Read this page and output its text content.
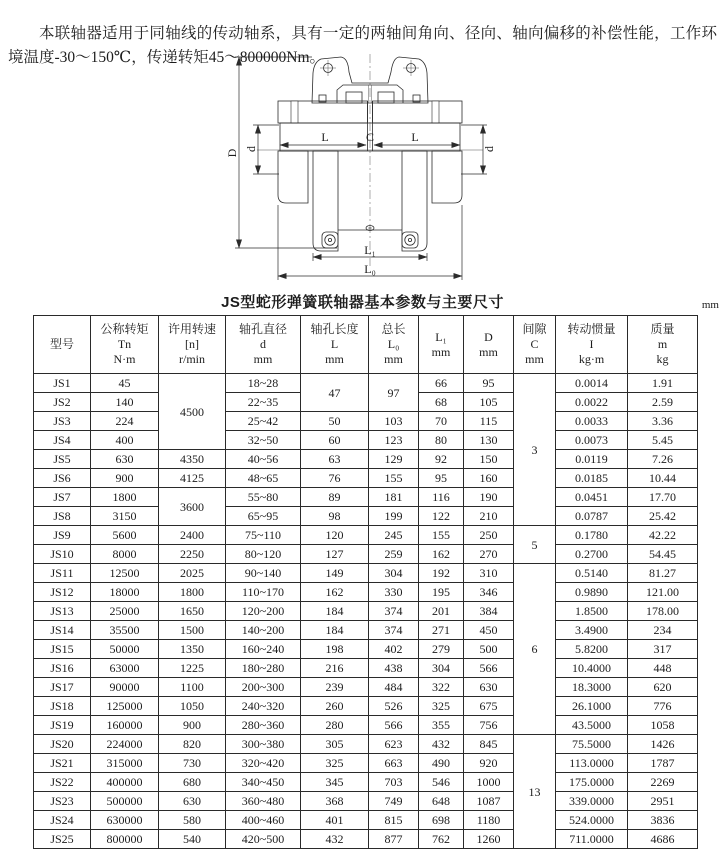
本联轴器适用于同轴线的传动轴系，具有一定的两轴间角向、径向、轴向偏移的补偿性能，工作环境温度-30～150℃，传递转矩45～800000Nm。

D d	d
L	C	L
L₁
L₀
JS型蛇形弹簧联轴器基本参数与主要尺寸	mm
型号	公称转矩
Tn
N·m	许用转速
[n]
r/min	轴孔直径
d
mm	轴孔长度
L
mm	总长
L₀
mm	L₁
mm	D
mm	间隙
C
mm	转动惯量
I
kg·m	质量
m
kg
JS1	45	4500	18~28	47	97	66	95	3	0.0014	1.91
JS2	140		22~35			68	105		0.0022	2.59
JS3	224		25~42	50	103	70	115		0.0033	3.36
JS4	400		32~50	60	123	80	130		0.0073	5.45
JS5	630	4350	40~56	63	129	92	150		0.0119	7.26
JS6	900	4125	48~65	76	155	95	160		0.0185	10.44
JS7	1800	3600	55~80	89	181	116	190		0.0451	17.70
JS8	3150		65~95	98	199	122	210		0.0787	25.42
JS9	5600	2400	75~110	120	245	155	250	5	0.1780	42.22
JS10	8000	2250	80~120	127	259	162	270		0.2700	54.45
JS11	12500	2025	90~140	149	304	192	310	6	0.5140	81.27
JS12	18000	1800	110~170	162	330	195	346		0.9890	121.00
JS13	25000	1650	120~200	184	374	201	384		1.8500	178.00
JS14	35500	1500	140~200	184	374	271	450		3.4900	234
JS15	50000	1350	160~240	198	402	279	500		5.8200	317
JS16	63000	1225	180~280	216	438	304	566		10.4000	448
JS17	90000	1100	200~300	239	484	322	630		18.3000	620
JS18	125000	1050	240~320	260	526	325	675		26.1000	776
JS19	160000	900	280~360	280	566	355	756		43.5000	1058
JS20	224000	820	300~380	305	623	432	845	13	75.5000	1426
JS21	315000	730	320~420	325	663	490	920		113.0000	1787
JS22	400000	680	340~450	345	703	546	1000		175.0000	2269
JS23	500000	630	360~480	368	749	648	1087		339.0000	2951
JS24	630000	580	400~460	401	815	698	1180		524.0000	3836
JS25	800000	540	420~500	432	877	762	1260		711.0000	4686
